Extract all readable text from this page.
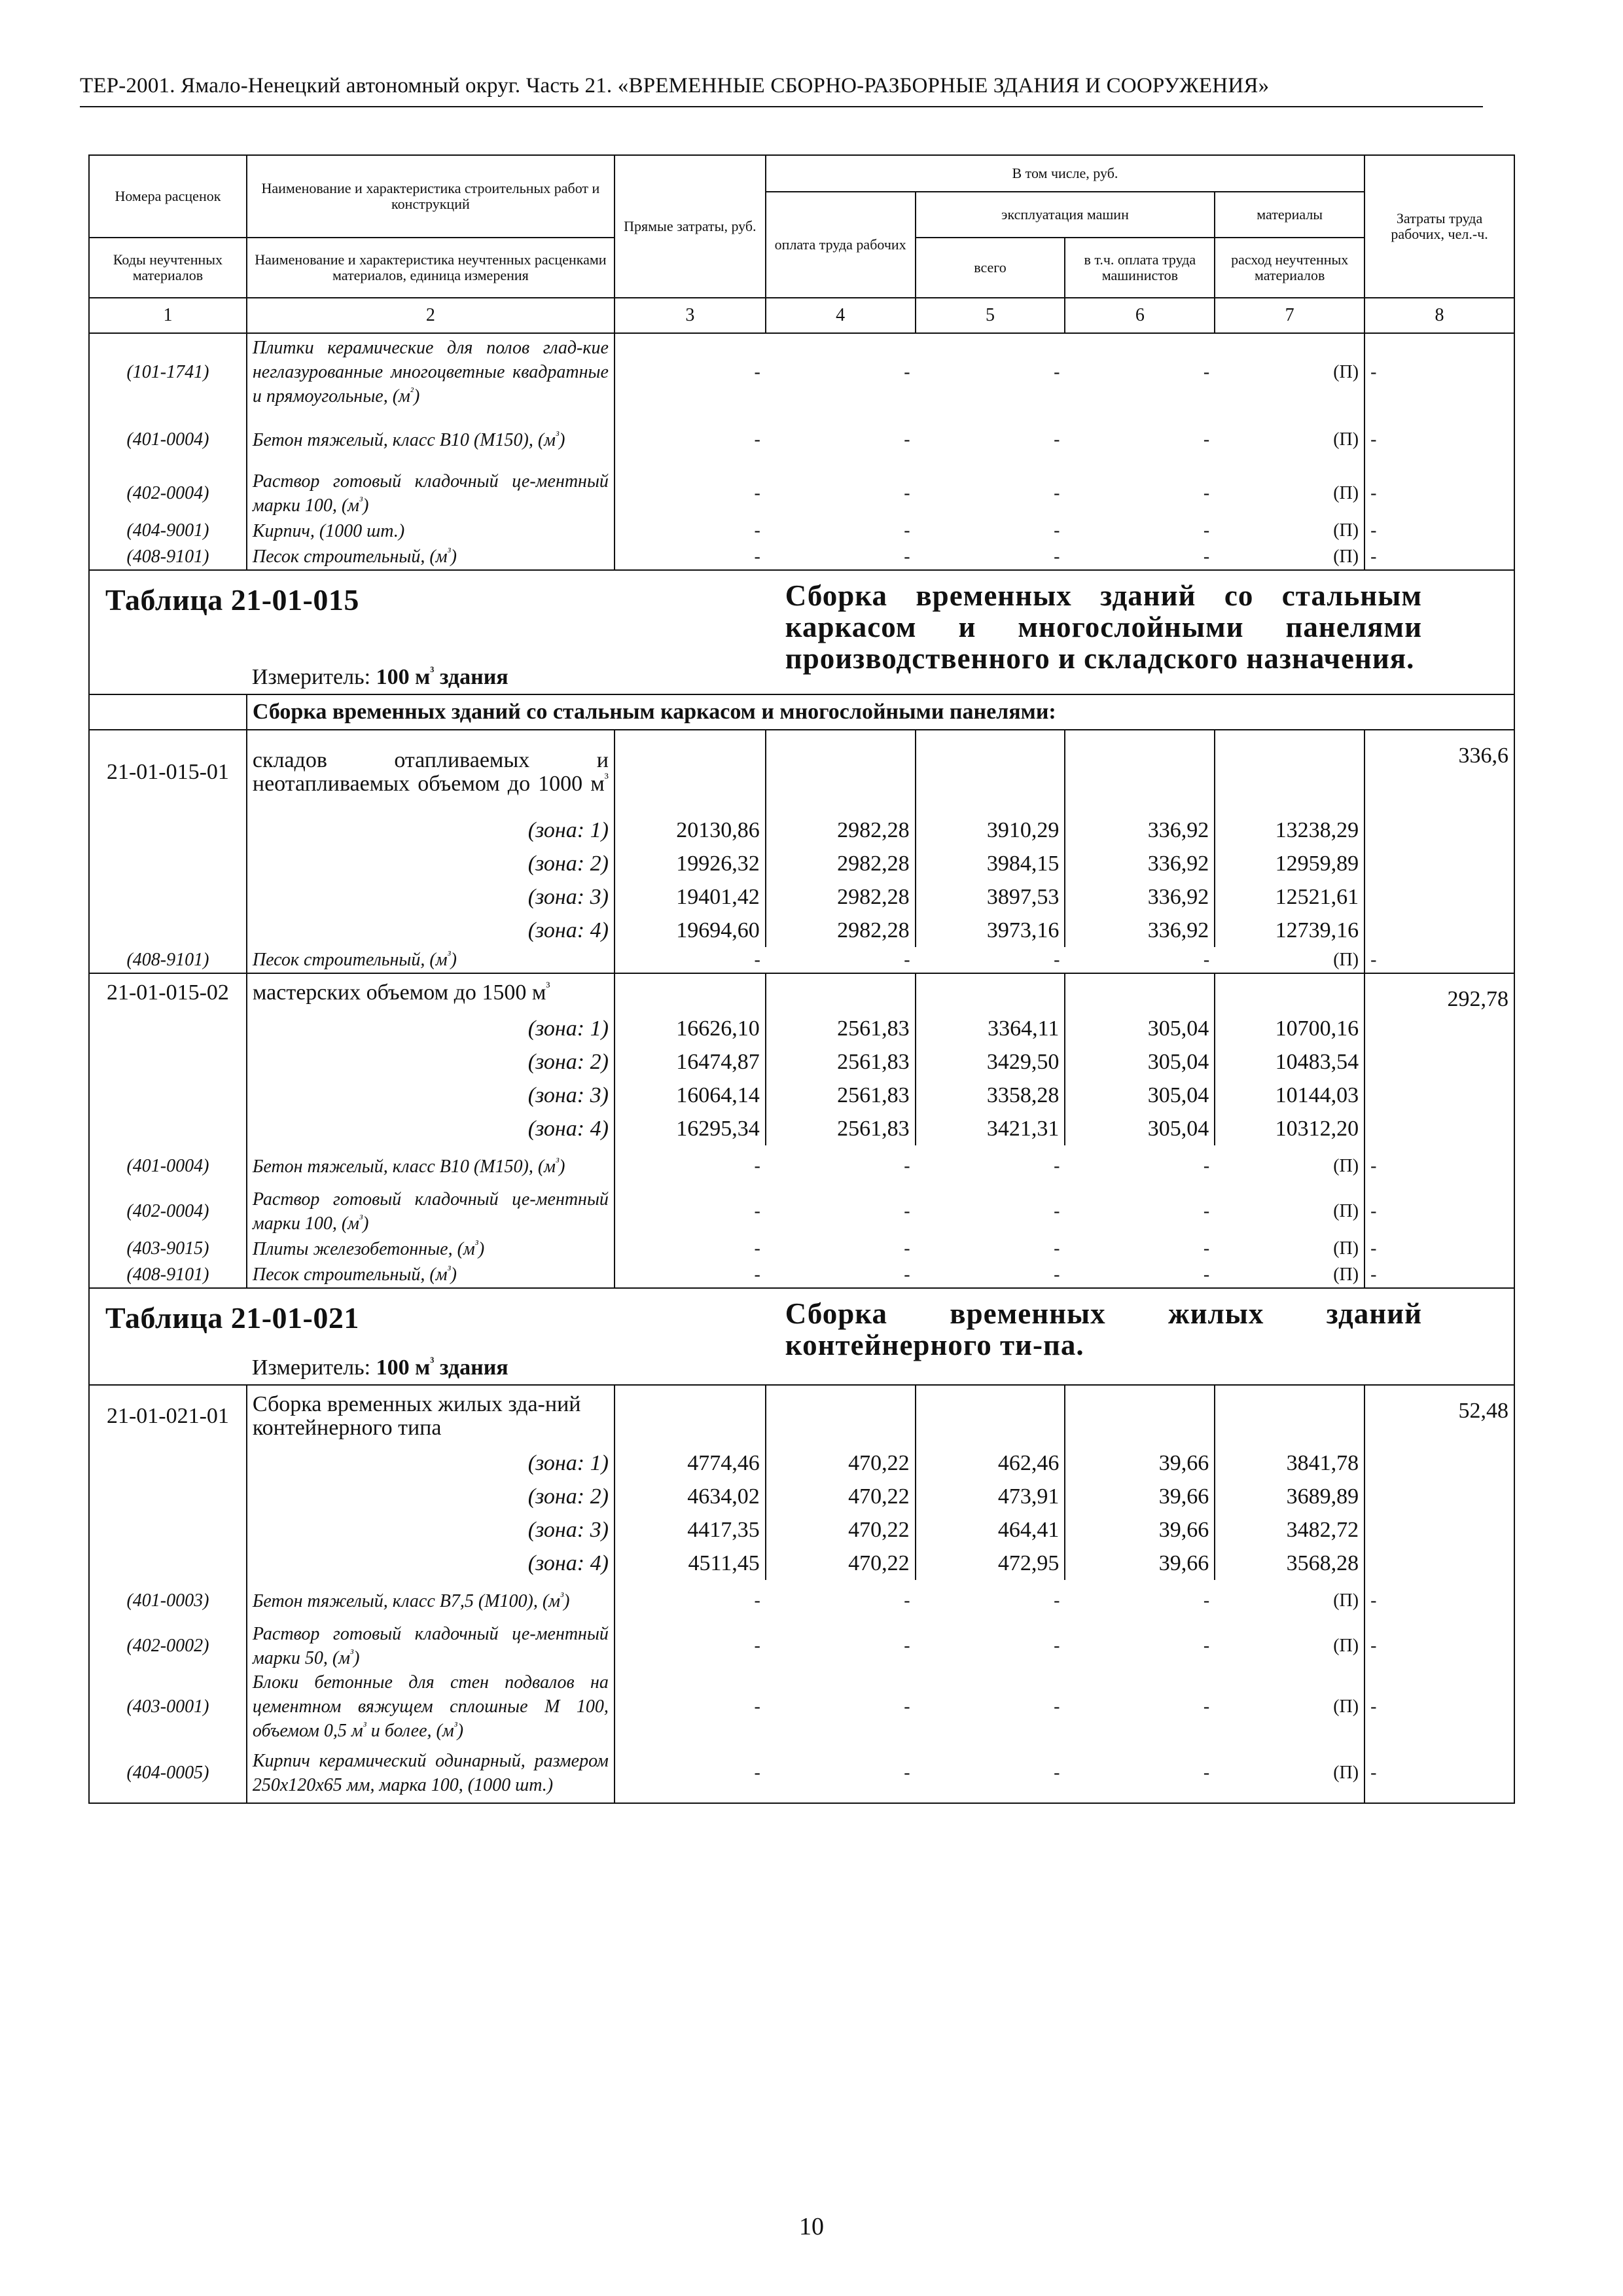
ТЕР-2001. Ямало-Ненецкий автономный округ. Часть 21. «ВРЕМЕННЫЕ СБОРНО-РАЗБОРНЫЕ ЗДАНИЯ И СООРУЖЕНИЯ»
Номера расценок	Наименование и характеристика строительных работ и конструкций	Прямые затраты, руб.	В том числе, руб.				Затраты труда рабочих, чел.-ч.
			оплата труда рабочих	эксплуатация машин		материалы	
Коды неучтенных материалов	Наименование и характеристика неучтенных расценками материалов, единица измерения			всего	в т.ч. оплата труда машинистов	расход неучтенных материалов	
1	2	3	4	5	6	7	8
(101-1741)	Плитки керамические для полов глад-кие неглазурованные многоцветные квадратные и прямоугольные, $(м^{^2})$	-	-	-	-	(П)	-
(401-0004)	Бетон тяжелый, класс В10 (М150), $(м^{^3})$	-	-	-	-	(П)	-
(402-0004)	Раствор готовый кладочный це-ментный марки 100, $(м^{^3})$	-	-	-	-	(П)	-
(404-9001)	Кирпич, (1000 шт.)	-	-	-	-	(П)	-
(408-9101)	Песок строительный, $(м^{^3})$	-	-	-	-	(П)	-
Таблица 21-01-015			Сборка временных зданий со стальным каркасом и многослойными панелями производственного и складского назначения.				
	Измеритель: 100 $м^{^3}$ здания						
	Сборка временных зданий со стальным каркасом и многослойными панелями:						
21-01-015-01	складов отапливаемых и неотапливаемых объемом до 1000 $м^{^3}$						336,6
	(зона: 1)	20130,86	2982,28	3910,29	336,92	13238,29	
	(зона: 2)	19926,32	2982,28	3984,15	336,92	12959,89	
	(зона: 3)	19401,42	2982,28	3897,53	336,92	12521,61	
	(зона: 4)	19694,60	2982,28	3973,16	336,92	12739,16	
(408-9101)	Песок строительный, $(м^{^3})$	-	-	-	-	(П)	-
21-01-015-02	мастерских объемом до 1500 $м^{^3}$						292,78
	(зона: 1)	16626,10	2561,83	3364,11	305,04	10700,16	
	(зона: 2)	16474,87	2561,83	3429,50	305,04	10483,54	
	(зона: 3)	16064,14	2561,83	3358,28	305,04	10144,03	
	(зона: 4)	16295,34	2561,83	3421,31	305,04	10312,20	
(401-0004)	Бетон тяжелый, класс В10 (М150), $(м^{^3})$	-	-	-	-	(П)	-
(402-0004)	Раствор готовый кладочный це-ментный марки 100, $(м^{^3})$	-	-	-	-	(П)	-
(403-9015)	Плиты железобетонные, $(м^{^3})$	-	-	-	-	(П)	-
(408-9101)	Песок строительный, $(м^{^3})$	-	-	-	-	(П)	-
Таблица 21-01-021			Сборка временных жилых зданий контейнерного ти-па.				
	Измеритель: 100 $м^{^3}$ здания						
21-01-021-01	Сборка временных жилых зда-ний контейнерного типа						52,48
	(зона: 1)	4774,46	470,22	462,46	39,66	3841,78	
	(зона: 2)	4634,02	470,22	473,91	39,66	3689,89	
	(зона: 3)	4417,35	470,22	464,41	39,66	3482,72	
	(зона: 4)	4511,45	470,22	472,95	39,66	3568,28	
(401-0003)	Бетон тяжелый, класс В7,5 (М100), $(м^{^3})$	-	-	-	-	(П)	-
(402-0002)	Раствор готовый кладочный це-ментный марки 50, $(м^{^3})$	-	-	-	-	(П)	-
(403-0001)	Блоки бетонные для стен подвалов на цементном вяжущем сплошные М 100, объемом 0,5 $м^{^3}$ и более, $(м^{^3})$	-	-	-	-	(П)	-
(404-0005)	Кирпич керамический одинарный, размером 250х120х65 мм, марка 100, (1000 шт.)	-	-	-	-	(П)	-
10
